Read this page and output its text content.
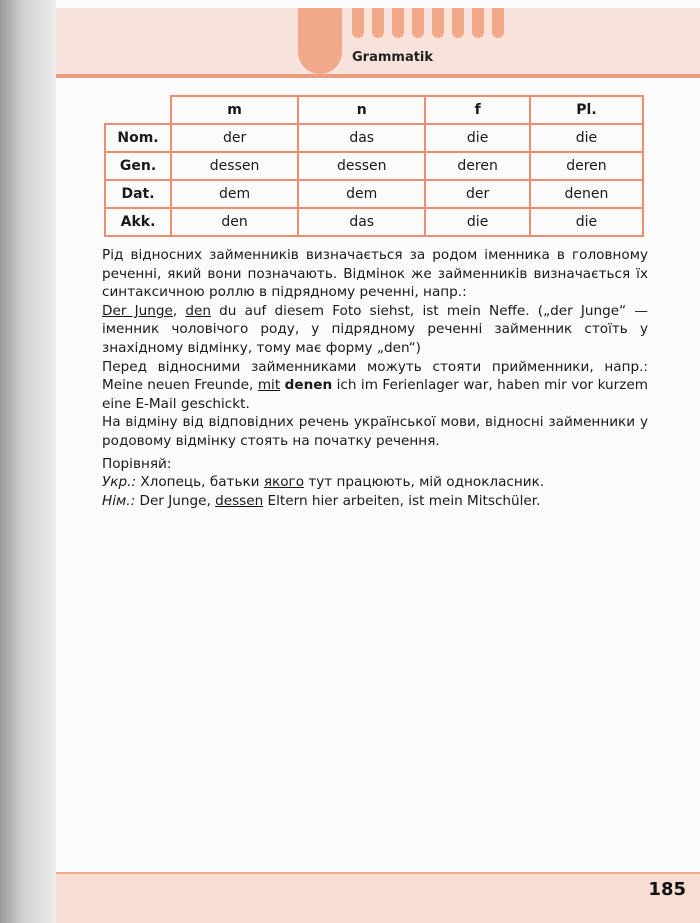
Grammatik
	m	n	f	Pl.
Nom.	der	das	die	die
Gen.	dessen	dessen	deren	deren
Dat.	dem	dem	der	denen
Akk.	den	das	die	die

Рід відносних займенників визначається за родом іменника в головному реченні, який вони позначають. Відмінок же займенників визначається їх синтаксичною роллю в підрядному реченні, напр.:

Der Junge, den du auf diesem Foto siehst, ist mein Neffe. („der Junge“ — іменник чоловічого роду, у підрядному реченні займенник стоїть у знахідному відмінку, тому має форму „den“)

Перед відносними займенниками можуть стояти прийменники, напр.: Meine neuen Freunde, mit denen ich im Ferienlager war, haben mir vor kurzem eine E-Mail geschickt.

На відміну від відповідних речень української мови, відносні займенники у родовому відмінку стоять на початку речення.

Порівняй:

Укр.: Хлопець, батьки якого тут працюють, мій однокласник.

Нім.: Der Junge, dessen Eltern hier arbeiten, ist mein Mitschüler.

185
